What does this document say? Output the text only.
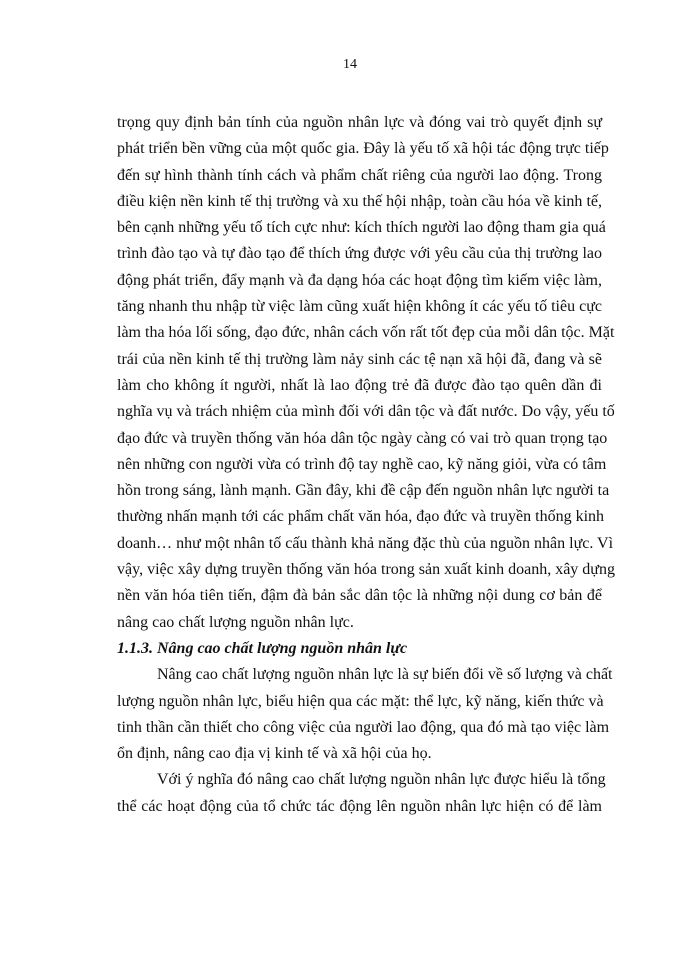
14
trọng quy định bản tính của nguồn nhân lực và đóng vai trò quyết định sự
phát triển bền vững của một quốc gia. Đây là yếu tố xã hội tác động trực tiếp
đến sự hình thành tính cách và phẩm chất riêng của người lao động. Trong
điều kiện nền kinh tế thị trường và xu thế hội nhập, toàn cầu hóa về kinh tế,
bên cạnh những yếu tố tích cực như: kích thích người lao động tham gia quá
trình đào tạo và tự đào tạo để thích ứng được với yêu cầu của thị trường lao
động phát triển, đẩy mạnh và đa dạng hóa các hoạt động tìm kiếm việc làm,
tăng nhanh thu nhập từ việc làm cũng xuất hiện không ít các yếu tố tiêu cực
làm tha hóa lối sống, đạo đức, nhân cách vốn rất tốt đẹp của mỗi dân tộc. Mặt
trái của nền kinh tế thị trường làm nảy sinh các tệ nạn xã hội đã, đang và sẽ
làm cho không ít người, nhất là lao động trẻ đã được đào tạo quên dần đi
nghĩa vụ và trách nhiệm của mình đối với dân tộc và đất nước. Do vậy, yếu tố
đạo đức và truyền thống văn hóa dân tộc ngày càng có vai trò quan trọng tạo
nên những con người vừa có trình độ tay nghề cao, kỹ năng giỏi, vừa có tâm
hồn trong sáng, lành mạnh. Gần đây, khi đề cập đến nguồn nhân lực người ta
thường nhấn mạnh tới các phẩm chất văn hóa, đạo đức và truyền thống kinh
doanh… như một nhân tố cấu thành khả năng đặc thù của nguồn nhân lực. Vì
vậy, việc xây dựng truyền thống văn hóa trong sản xuất kinh doanh, xây dựng
nền văn hóa tiên tiến, đậm đà bản sắc dân tộc là những nội dung cơ bản để
nâng cao chất lượng nguồn nhân lực.
1.1.3. Nâng cao chất lượng nguồn nhân lực
Nâng cao chất lượng nguồn nhân lực là sự biến đổi về số lượng và chất
lượng nguồn nhân lực, biểu hiện qua các mặt: thể lực, kỹ năng, kiến thức và
tinh thần cần thiết cho công việc của người lao động, qua đó mà tạo việc làm
ổn định, nâng cao địa vị kinh tế và xã hội của họ.
Với ý nghĩa đó nâng cao chất lượng nguồn nhân lực được hiểu là tổng
thể các hoạt động của tổ chức tác động lên nguồn nhân lực hiện có để làm
